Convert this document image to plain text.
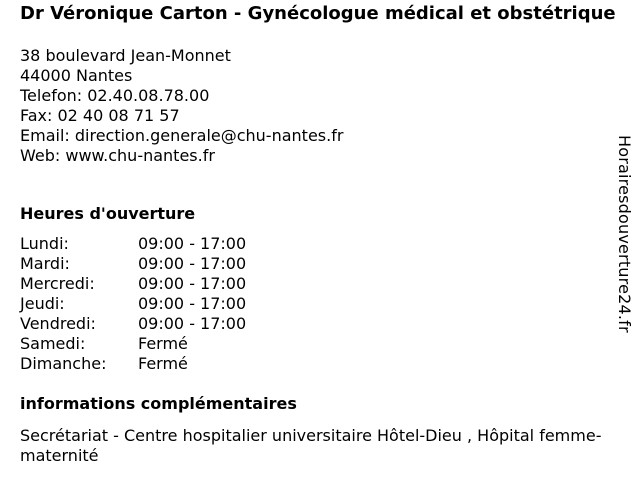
Dr Véronique Carton - Gynécologue médical et obstétrique
38 boulevard Jean-Monnet
44000 Nantes
Telefon: 02.40.08.78.00
Fax: 02 40 08 71 57
Email: direction.generale@chu-nantes.fr
Web: www.chu-nantes.fr
Heures d'ouverture
Lundi:	09:00 - 17:00
Mardi:	09:00 - 17:00
Mercredi:	09:00 - 17:00
Jeudi:	09:00 - 17:00
Vendredi:	09:00 - 17:00
Samedi:	Fermé
Dimanche: Fermé
informations complémentaires
Secrétariat - Centre hospitalier universitaire Hôtel-Dieu , Hôpital femme-maternité
Horairesdouverture24.fr
